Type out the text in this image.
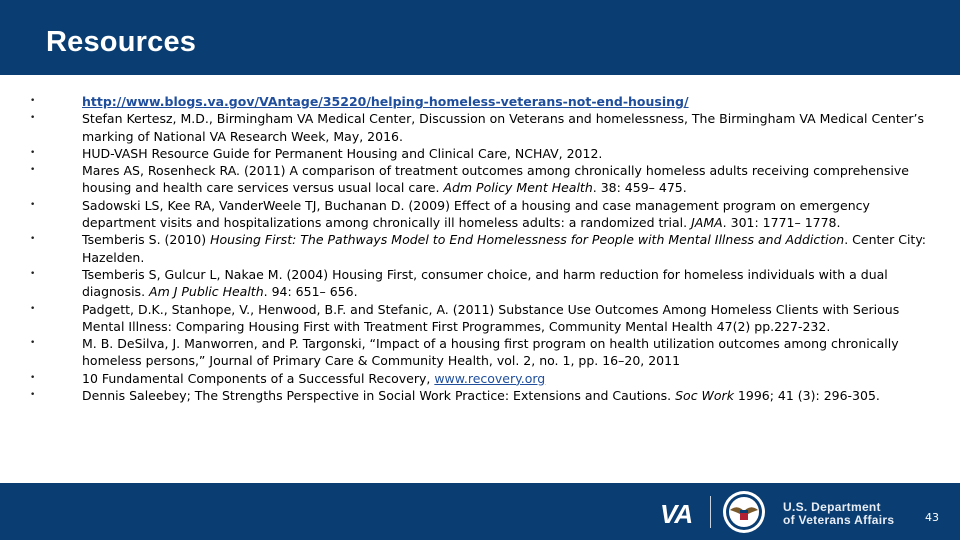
Resources
•	http://www.blogs.va.gov/VAntage/35220/helping-homeless-veterans-not-end-housing/
•	Stefan Kertesz, M.D., Birmingham VA Medical Center, Discussion on Veterans and homelessness, The Birmingham VA Medical Center’s marking of National VA Research Week, May, 2016.
•	HUD-VASH Resource Guide for Permanent Housing and Clinical Care, NCHAV, 2012.
•	Mares AS, Rosenheck RA. (2011) A comparison of treatment outcomes among chronically homeless adults receiving comprehensive housing and health care services versus usual local care. Adm Policy Ment Health. 38: 459– 475.
•	Sadowski LS, Kee RA, VanderWeele TJ, Buchanan D. (2009) Effect of a housing and case management program on emergency department visits and hospitalizations among chronically ill homeless adults: a randomized trial. JAMA. 301: 1771– 1778.
•	Tsemberis S. (2010) Housing First: The Pathways Model to End Homelessness for People with Mental Illness and Addiction. Center City: Hazelden.
•	Tsemberis S, Gulcur L, Nakae M. (2004) Housing First, consumer choice, and harm reduction for homeless individuals with a dual diagnosis. Am J Public Health. 94: 651– 656.
•	Padgett, D.K., Stanhope, V., Henwood, B.F. and Stefanic, A. (2011) Substance Use Outcomes Among Homeless Clients with Serious Mental Illness: Comparing Housing First with Treatment First Programmes, Community Mental Health 47(2) pp.227-232.
•	M. B. DeSilva, J. Manworren, and P. Targonski, “Impact of a housing first program on health utilization outcomes among chronically homeless persons,” Journal of Primary Care & Community Health, vol. 2, no. 1, pp. 16–20, 2011
•	10 Fundamental Components of a Successful Recovery, www.recovery.org
•	Dennis Saleebey; The Strengths Perspective in Social Work Practice: Extensions and Cautions. Soc Work 1996; 41 (3): 296-305.
VA	U.S. Department
of Veterans Affairs	43
